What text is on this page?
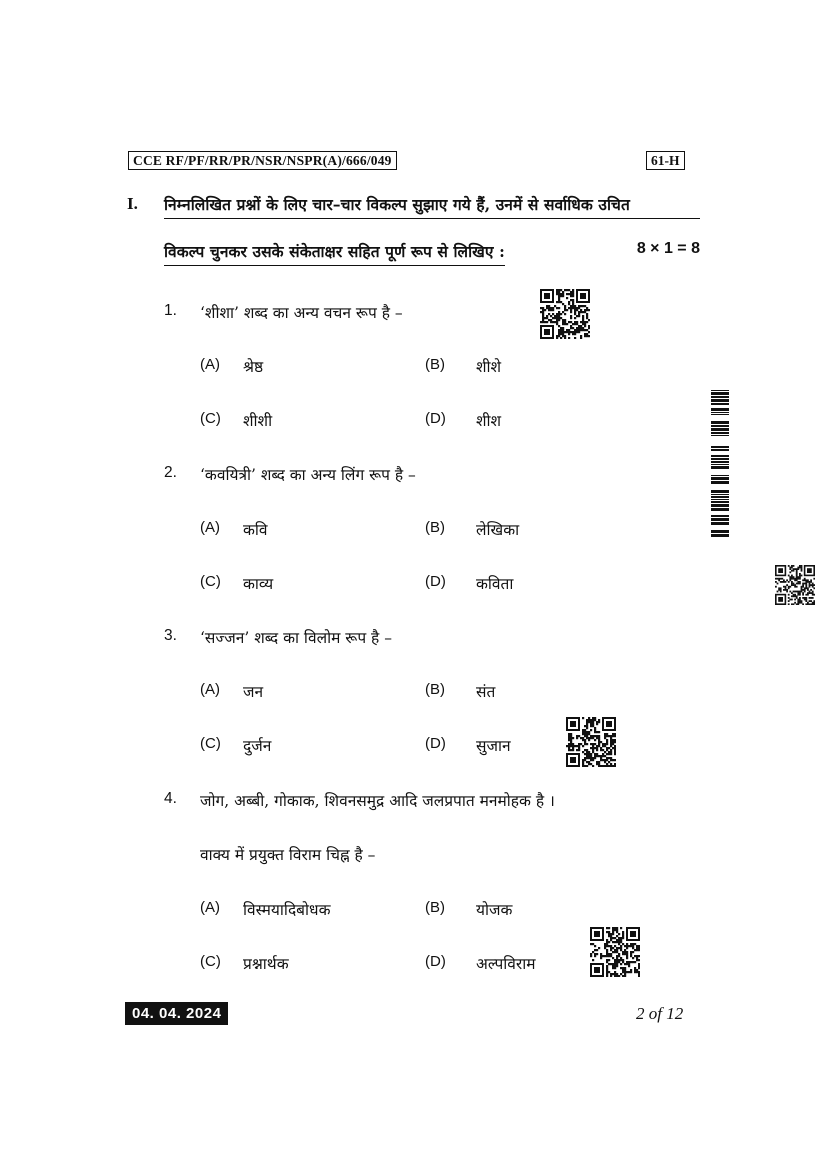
CCE RF/PF/RR/PR/NSR/NSPR(A)/666/049	61-H
I. निम्नलिखित प्रश्नों के लिए चार–चार विकल्प सुझाए गये हैं, उनमें से सर्वाधिक उचित
विकल्प चुनकर उसके संकेताक्षर सहित पूर्ण रूप से लिखिए :	8 × 1 = 8
1. ‘शीशा’ शब्द का अन्य वचन रूप है –
(A) श्रेष्ठ	(B) शीशे
(C) शीशी	(D) शीश
2. ‘कवयित्री’ शब्द का अन्य लिंग रूप है –
(A) कवि	(B) लेखिका
(C) काव्य	(D) कविता
3. ‘सज्जन’ शब्द का विलोम रूप है –
(A) जन	(B) संत
(C) दुर्जन	(D) सुजान
4. जोग, अब्बी, गोकाक, शिवनसमुद्र आदि जलप्रपात मनमोहक है ।
वाक्य में प्रयुक्त विराम चिह्न है –
(A) विस्मयादिबोधक	(B) योजक
(C) प्रश्नार्थक	(D) अल्पविराम
04. 04. 2024	2 of 12
